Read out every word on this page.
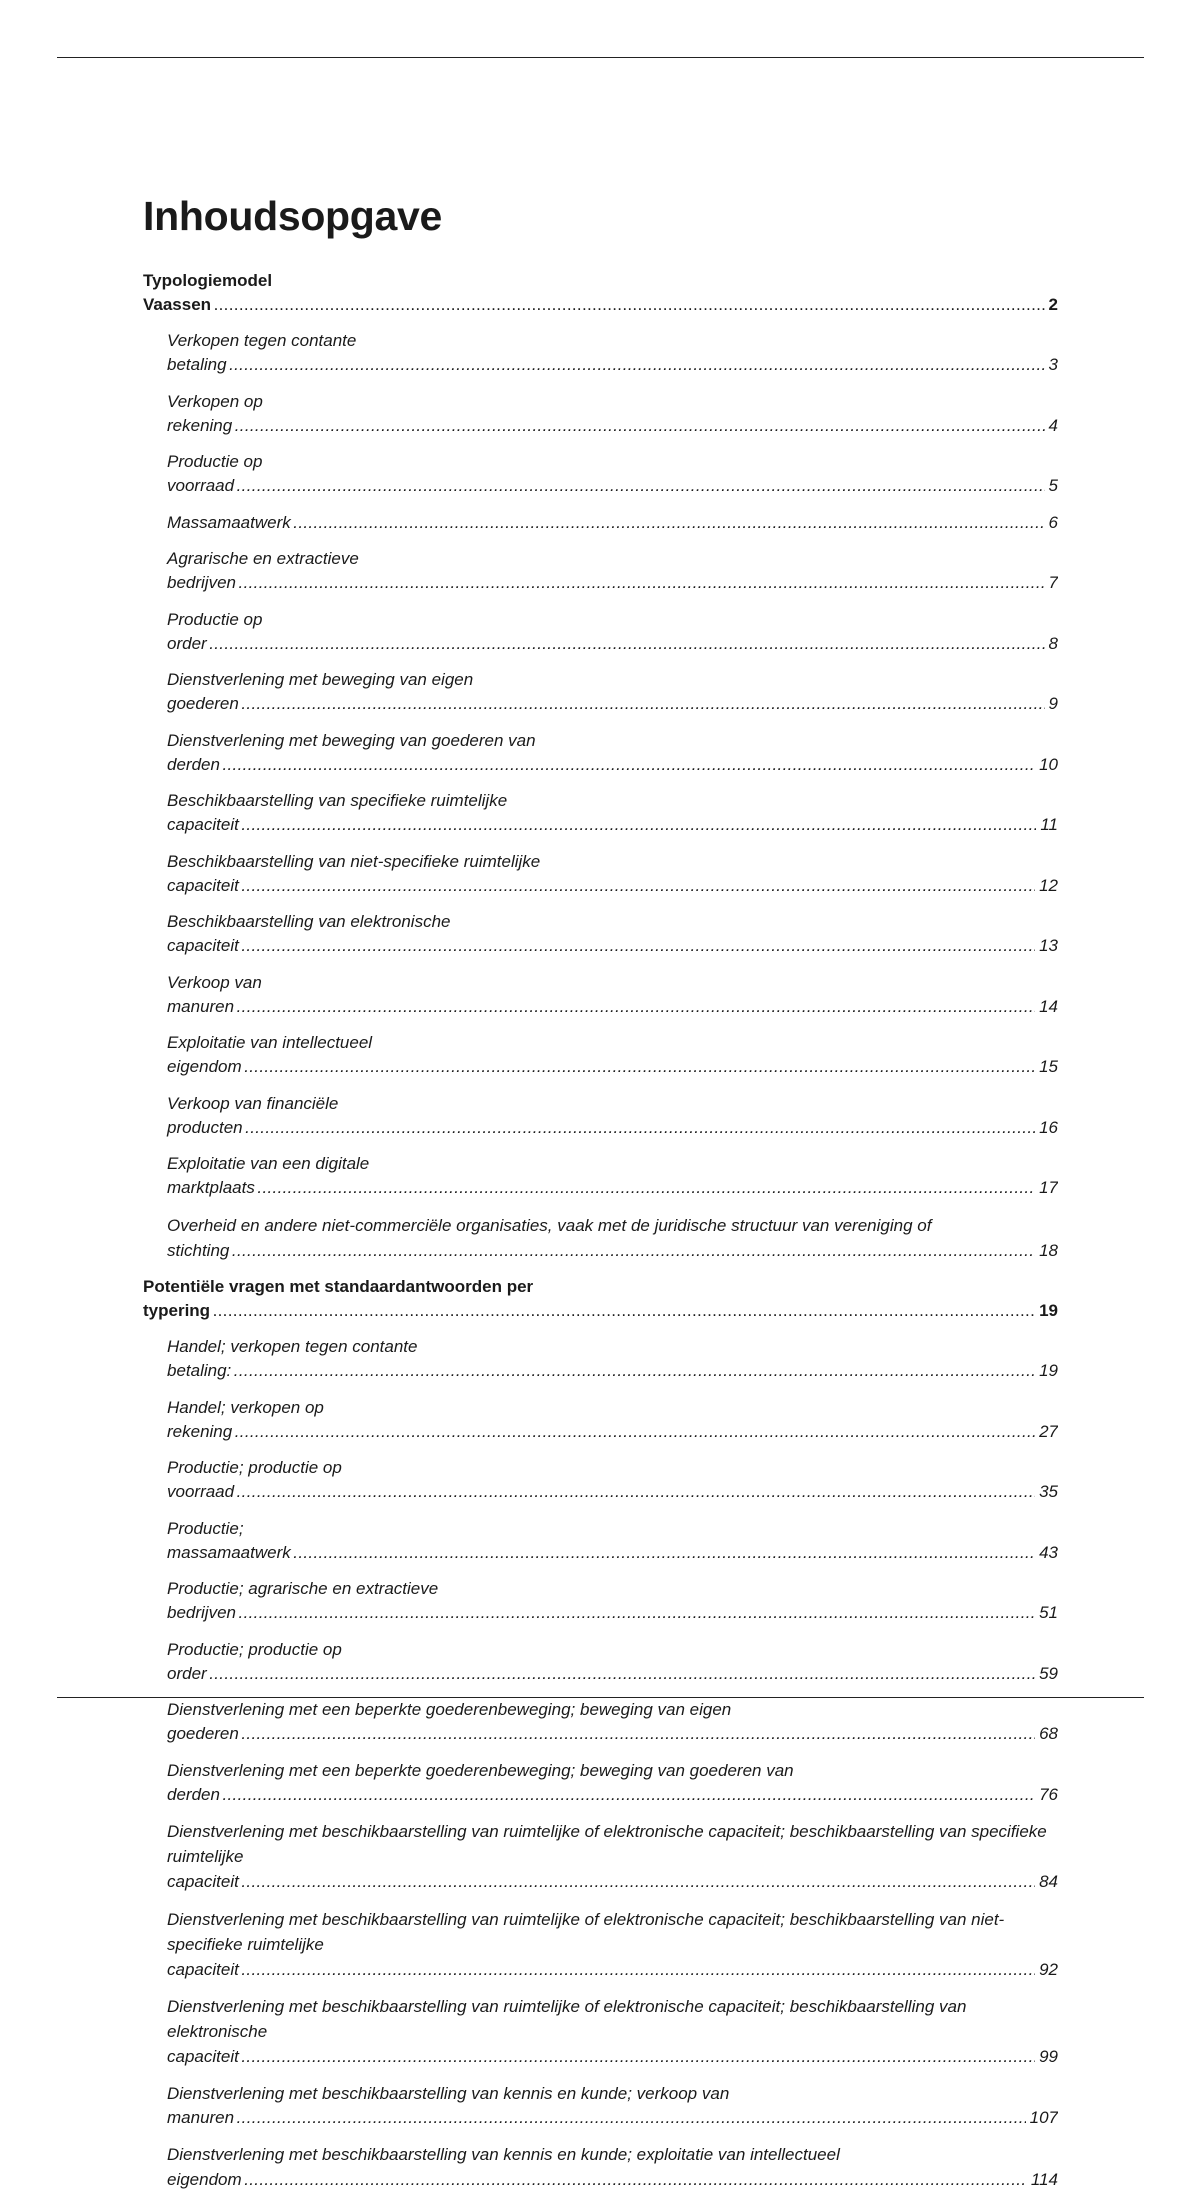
Inhoudsopgave
Typologiemodel Vaassen . . .	2
Verkopen tegen contante betaling . . .	3
Verkopen op rekening . . .	4
Productie op voorraad . . .	5
Massamaatwerk . . .	6
Agrarische en extractieve bedrijven . . .	7
Productie op order . . .	8
Dienstverlening met beweging van eigen goederen . . .	9
Dienstverlening met beweging van goederen van derden . . .	10
Beschikbaarstelling van specifieke ruimtelijke capaciteit . . .	11
Beschikbaarstelling van niet-specifieke ruimtelijke capaciteit . . .	12
Beschikbaarstelling van elektronische capaciteit . . .	13
Verkoop van manuren . . .	14
Exploitatie van intellectueel eigendom . . .	15
Verkoop van financiële producten . . .	16
Exploitatie van een digitale marktplaats . . .	17
Overheid en andere niet-commerciële organisaties, vaak met de juridische structuur van vereniging of stichting . . .	18
Potentiële vragen met standaardantwoorden per typering . . .	19
Handel; verkopen tegen contante betaling: . . .	19
Handel; verkopen op rekening . . .	27
Productie; productie op voorraad . . .	35
Productie; massamaatwerk . . .	43
Productie; agrarische en extractieve bedrijven . . .	51
Productie; productie op order . . .	59
Dienstverlening met een beperkte goederenbeweging; beweging van eigen goederen . . .	68
Dienstverlening met een beperkte goederenbeweging; beweging van goederen van derden . . .	76
Dienstverlening met beschikbaarstelling van ruimtelijke of elektronische capaciteit; beschikbaarstelling van specifieke ruimtelijke capaciteit . . .	84
Dienstverlening met beschikbaarstelling van ruimtelijke of elektronische capaciteit; beschikbaarstelling van niet-specifieke ruimtelijke capaciteit . . .	92
Dienstverlening met beschikbaarstelling van ruimtelijke of elektronische capaciteit; beschikbaarstelling van elektronische capaciteit . . .	99
Dienstverlening met beschikbaarstelling van kennis en kunde; verkoop van manuren . . .	107
Dienstverlening met beschikbaarstelling van kennis en kunde; exploitatie van intellectueel eigendom . . .	114
